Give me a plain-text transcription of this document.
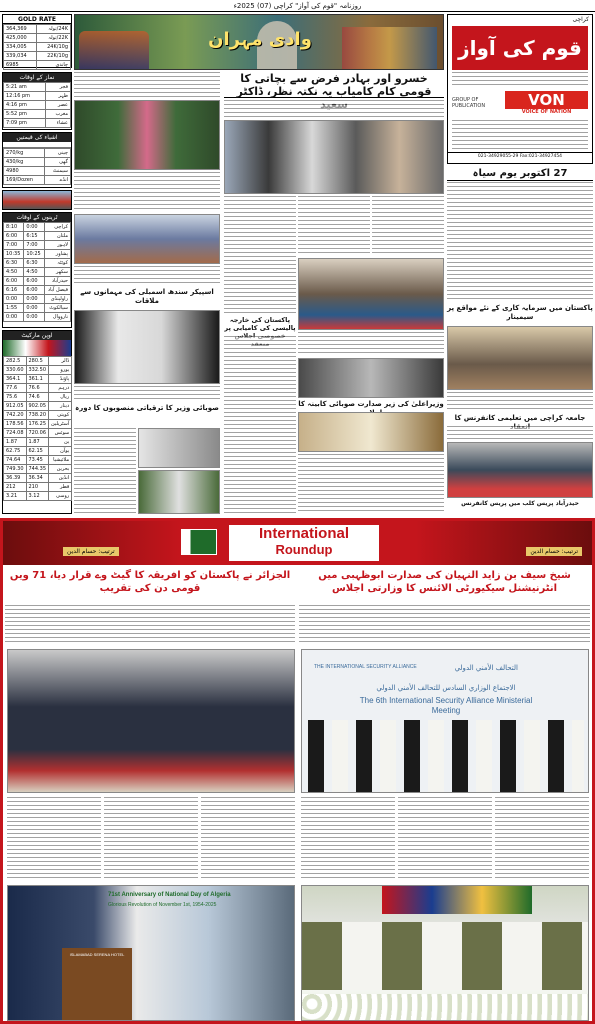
روزنامہ "قوم کی آواز" کراچی (07) 2025ء
GOLD RATE
364,369	24K/تولہ
425,000	22K/تولہ
334,005	24K/10g
339,034	22K/10g
6985	چاندی
وادی مہران
کراچی
قوم کی آواز
GROUP OF PUBLICATION	VON
VOICE OF NATION
021-34929055-29 Fax:021-34927454
نماز کے اوقات
5:21 am	فجر
12:16 pm	ظہر
4:16 pm	عصر
5:52 pm	مغرب
7:09 pm	عشاء
اشیاء کی قیمتیں
270/kg	چینی
430/kg	گھی
4980	سیمنٹ
169/Dozen	انڈے
ٹرینوں کے اوقات
8:10	0:00	کراچی
6:00	6:15	ملتان
7:00	7:00	لاہور
10:35	10:25	پشاور
6:30	6:30	کوئٹہ
4:50	4:50	سکھر
6:00	6:00	حیدرآباد
6:16	6:00	فیصل آباد
0:00	0:00	راولپنڈی
1:55	0:00	سیالکوٹ
0:00	0:00	نارووال
اوپن مارکیٹ
282.5	280.5	ڈالر
330.60	332.50	یورو
364.1	361.1	پاؤنڈ
77.6	76.6	درہم
75.6	74.6	ریال
912.05	902.05	دینار
742.20	738.20	کویتی
178.56	176.25	آسٹریلین
724.08	720.06	سوئس
1.87	1.87	ین
62.75	62.15	یوآن
74.64	73.45	ملائیشیا
749.30	744.35	بحرین
36.39	36.34	انڈین
212	210	قطر
3.21	3.12	روسی
اسپیکر سندھ اسمبلی کی مہمانوں سے ملاقات
صوبائی وزیر کا ترقیاتی منصوبوں کا دورہ
خسرو اور بہادر فرض سے بچاتی کا قومی کام کامیاب یہ نکتہ نظر، ڈاکٹر
پاکستان کی خارجہ پالیسی کی کامیابی پر
وزیراعلیٰ کی زیر صدارت صوبائی کابینہ کا
27 اکتوبر یوم سیاہ
پاکستان میں سرمایہ کاری کے نئے مواقع پر سیمینار
جامعہ کراچی میں تعلیمی کانفرنس کا
حیدرآباد پریس کلب میں پریس کانفرنس
International
Roundup
ترتیب: حسام الدین	ترتیب: حسام الدین
شیخ سیف بن زاید النہیان کی صدارت ابوظہبی میں انٹرنیشنل سیکیورٹی الائنس کا وزارتی اجلاس
الجزائر نے پاکستان کو افریقہ کا گیٹ وے قرار دیا، 71 ویں قومی دن کی تقریب
التحالف الأمني الدولي
THE INTERNATIONAL SECURITY ALLIANCE
الاجتماع الوزاري السادس للتحالف الأمني الدولي
The 6th International Security Alliance Ministerial
Meeting
71st Anniversary of National Day of Algeria
Glorious Revolution of November 1st, 1954-2025
ISLAMABAD SERENA HOTEL
